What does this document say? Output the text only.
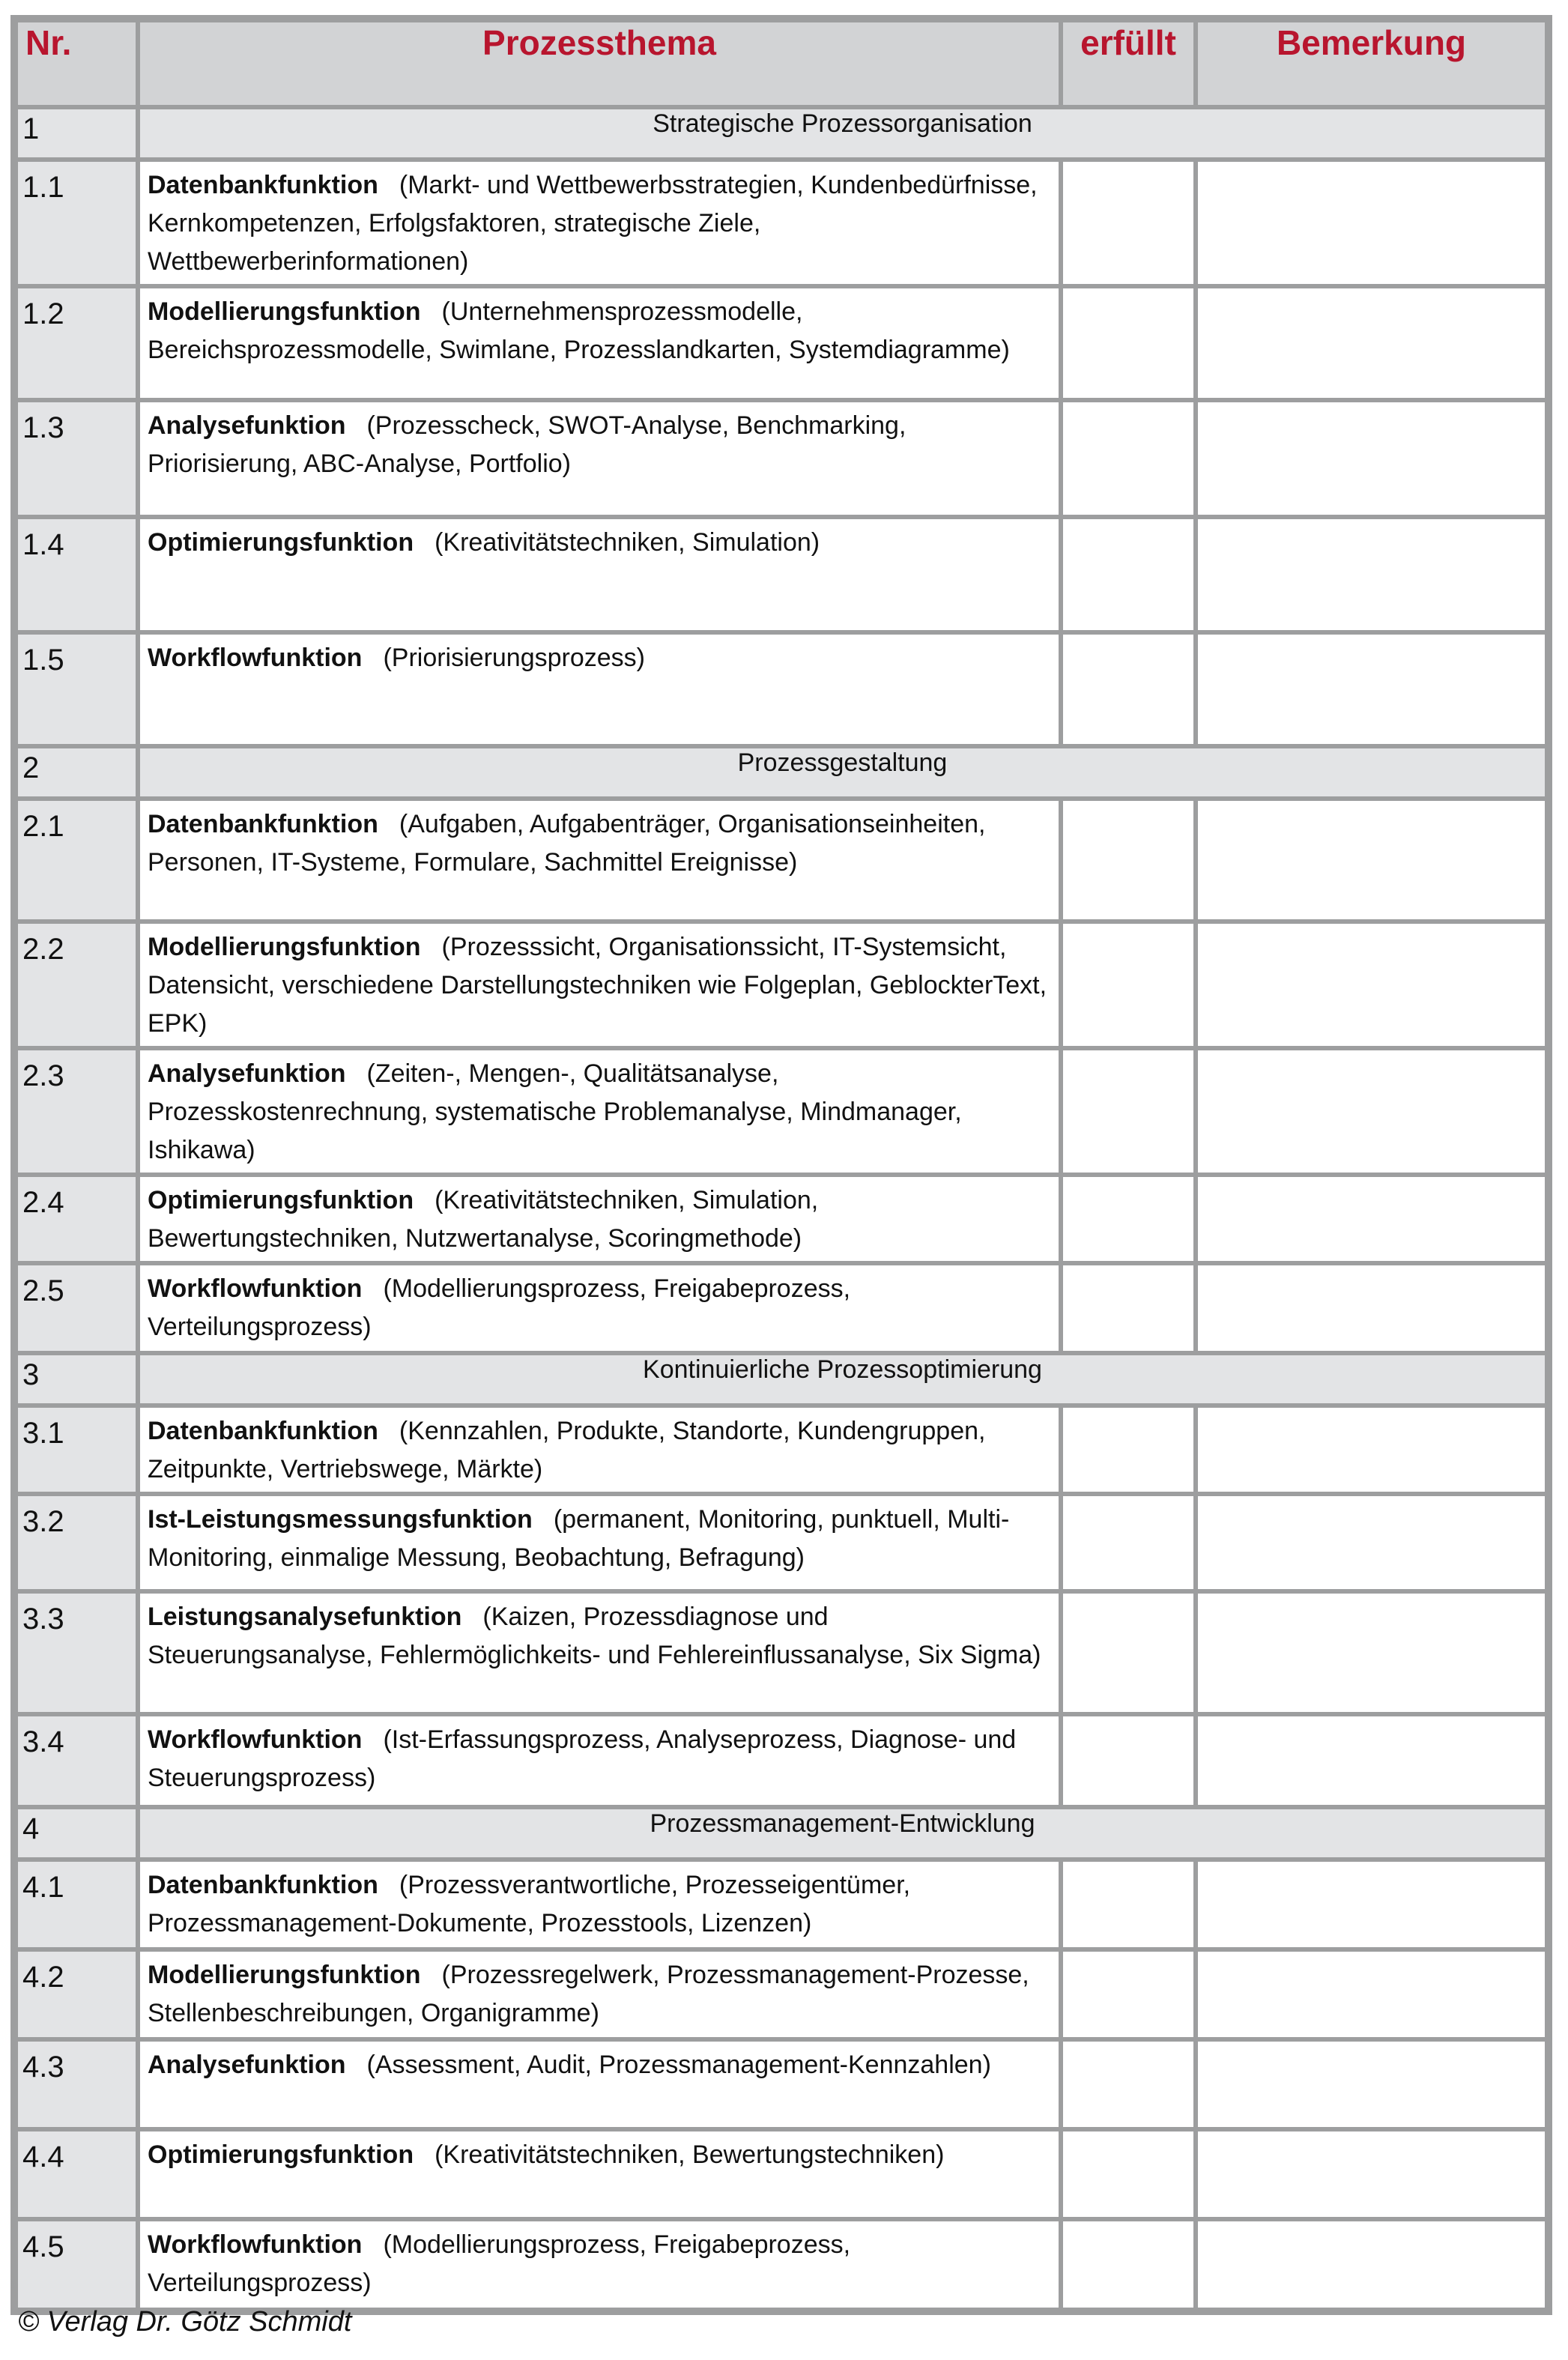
Nr.	Prozessthema	erfüllt	Bemerkung
1	Strategische Prozessorganisation		
1.1	Datenbankfunktion (Markt- und Wettbewerbsstrategien, Kundenbedürfnisse, Kernkompetenzen, Erfolgsfaktoren, strategische Ziele, Wettbewerberinformationen)		
1.2	Modellierungsfunktion (Unternehmensprozessmodelle, Bereichsprozessmodelle, Swimlane, Prozesslandkarten, Systemdiagramme)		
1.3	Analysefunktion (Prozesscheck, SWOT-Analyse, Benchmarking, Priorisierung, ABC-Analyse, Portfolio)		
1.4	Optimierungsfunktion (Kreativitätstechniken, Simulation)		
1.5	Workflowfunktion (Priorisierungsprozess)		
2	Prozessgestaltung		
2.1	Datenbankfunktion (Aufgaben, Aufgabenträger, Organisationseinheiten, Personen, IT-Systeme, Formulare, Sachmittel Ereignisse)		
2.2	Modellierungsfunktion (Prozesssicht, Organisationssicht, IT-Systemsicht, Datensicht, verschiedene Darstellungstechniken wie Folgeplan, GeblockterText, EPK)		
2.3	Analysefunktion (Zeiten-, Mengen-, Qualitätsanalyse, Prozesskostenrechnung, systematische Problemanalyse, Mindmanager, Ishikawa)		
2.4	Optimierungsfunktion (Kreativitätstechniken, Simulation, Bewertungstechniken, Nutzwertanalyse, Scoringmethode)		
2.5	Workflowfunktion (Modellierungsprozess, Freigabeprozess, Verteilungsprozess)		
3	Kontinuierliche Prozessoptimierung		
3.1	Datenbankfunktion (Kennzahlen, Produkte, Standorte, Kundengruppen, Zeitpunkte, Vertriebswege, Märkte)		
3.2	Ist-Leistungsmessungsfunktion (permanent, Monitoring, punktuell, Multi-Monitoring, einmalige Messung, Beobachtung, Befragung)		
3.3	Leistungsanalysefunktion (Kaizen, Prozessdiagnose und Steuerungsanalyse, Fehlermöglichkeits- und Fehlereinflussanalyse, Six Sigma)		
3.4	Workflowfunktion (Ist-Erfassungsprozess, Analyseprozess, Diagnose- und Steuerungsprozess)		
4	Prozessmanagement-Entwicklung		
4.1	Datenbankfunktion (Prozessverantwortliche, Prozesseigentümer, Prozessmanagement-Dokumente, Prozesstools, Lizenzen)		
4.2	Modellierungsfunktion (Prozessregelwerk, Prozessmanagement-Prozesse, Stellenbeschreibungen, Organigramme)		
4.3	Analysefunktion (Assessment, Audit, Prozessmanagement-Kennzahlen)		
4.4	Optimierungsfunktion (Kreativitätstechniken, Bewertungstechniken)		
4.5	Workflowfunktion (Modellierungsprozess, Freigabeprozess, Verteilungsprozess)		
© Verlag Dr. Götz Schmidt
